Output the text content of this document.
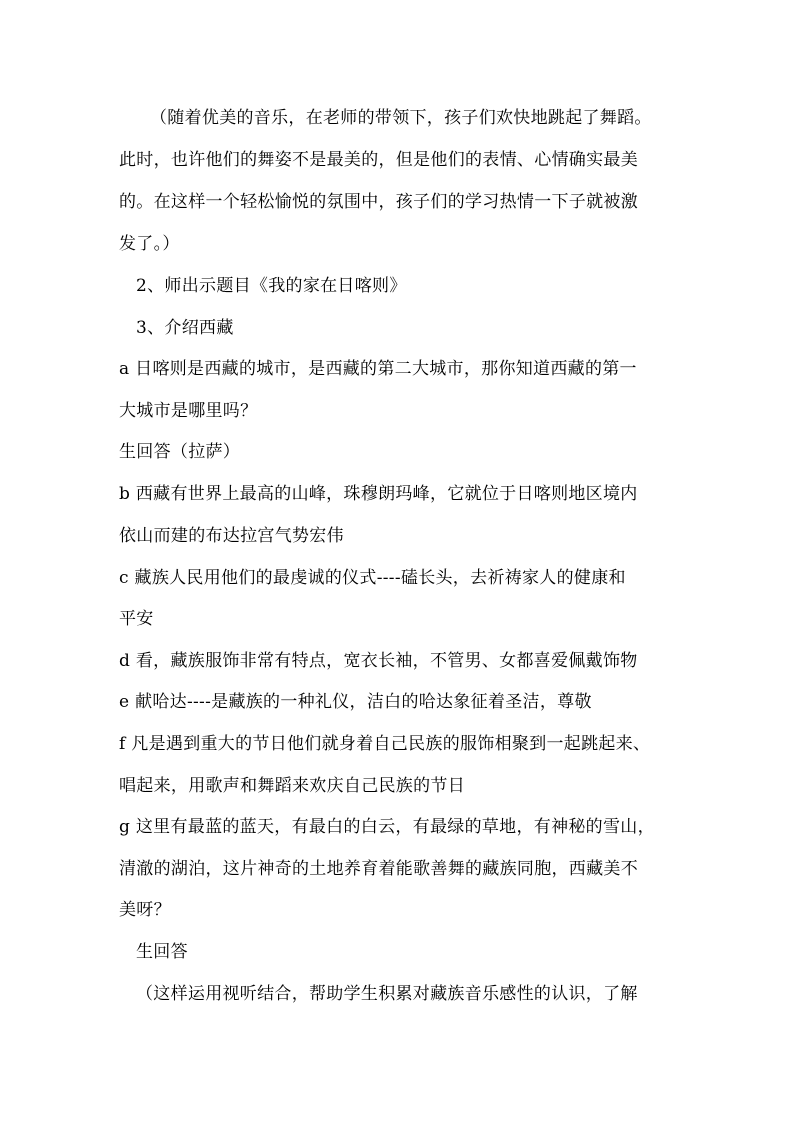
（随着优美的音乐，在老师的带领下，孩子们欢快地跳起了舞蹈。
此时，也许他们的舞姿不是最美的，但是他们的表情、心情确实最美
的。在这样一个轻松愉悦的氛围中，孩子们的学习热情一下子就被激
发了。）
2、师出示题目《我的家在日喀则》
3、介绍西藏
a 日喀则是西藏的城市，是西藏的第二大城市，那你知道西藏的第一
大城市是哪里吗？
生回答（拉萨）
b 西藏有世界上最高的山峰，珠穆朗玛峰，它就位于日喀则地区境内
依山而建的布达拉宫气势宏伟
c 藏族人民用他们的最虔诚的仪式----磕长头，去祈祷家人的健康和
平安
d 看，藏族服饰非常有特点，宽衣长袖，不管男、女都喜爱佩戴饰物
e 献哈达----是藏族的一种礼仪，洁白的哈达象征着圣洁，尊敬
f 凡是遇到重大的节日他们就身着自己民族的服饰相聚到一起跳起来、
唱起来，用歌声和舞蹈来欢庆自己民族的节日
g 这里有最蓝的蓝天，有最白的白云，有最绿的草地，有神秘的雪山，
清澈的湖泊，这片神奇的土地养育着能歌善舞的藏族同胞，西藏美不
美呀？
生回答
（这样运用视听结合，帮助学生积累对藏族音乐感性的认识，了解
